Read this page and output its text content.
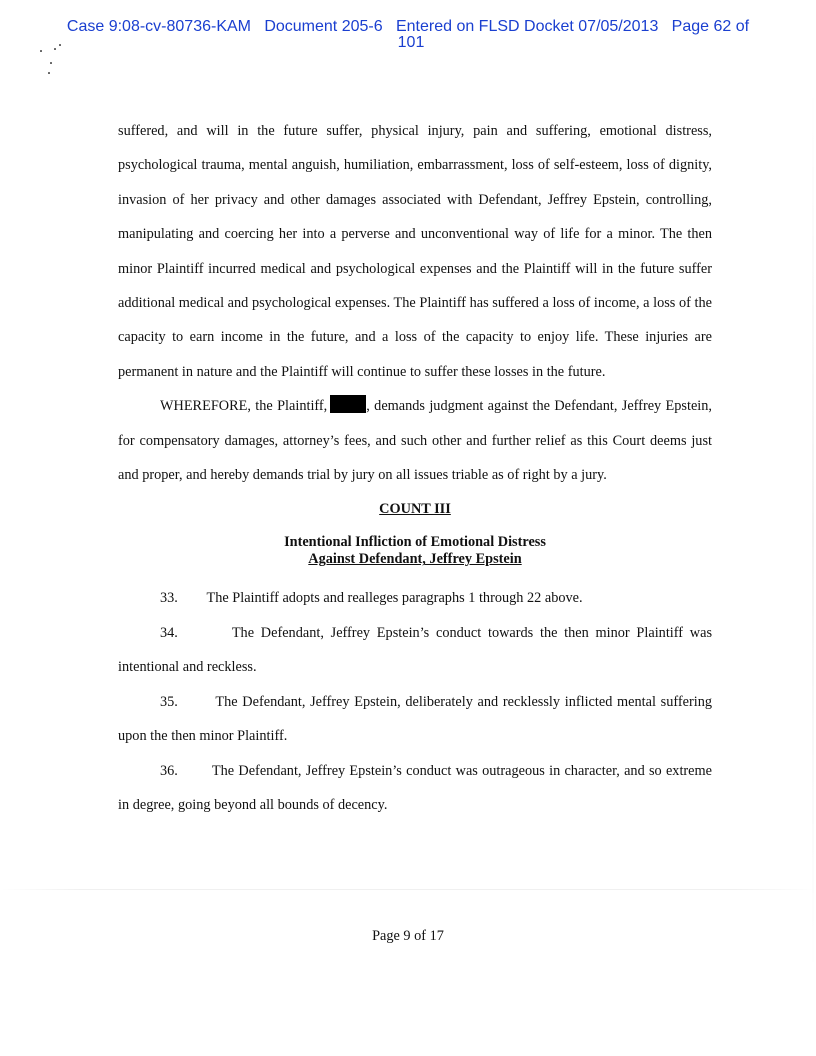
Case 9:08-cv-80736-KAM   Document 205-6   Entered on FLSD Docket 07/05/2013   Page 62 of
101

suffered, and will in the future suffer, physical injury, pain and suffering, emotional distress, psychological trauma, mental anguish, humiliation, embarrassment, loss of self-esteem, loss of dignity, invasion of her privacy and other damages associated with Defendant, Jeffrey Epstein, controlling, manipulating and coercing her into a perverse and unconventional way of life for a minor. The then minor Plaintiff incurred medical and psychological expenses and the Plaintiff will in the future suffer additional medical and psychological expenses. The Plaintiff has suffered a loss of income, a loss of the capacity to earn income in the future, and a loss of the capacity to enjoy life. These injuries are permanent in nature and the Plaintiff will continue to suffer these losses in the future.

WHEREFORE, the Plaintiff,	, demands judgment against the Defendant, Jeffrey Epstein, for compensatory damages, attorney’s fees, and such other and further relief as this Court deems just and proper, and hereby demands trial by jury on all issues triable as of right by a jury.

COUNT III

Intentional Infliction of Emotional Distress
Against Defendant, Jeffrey Epstein

33. The Plaintiff adopts and realleges paragraphs 1 through 22 above.

34.	The Defendant, Jeffrey Epstein’s conduct towards the then minor Plaintiff was intentional and reckless.

35.	The Defendant, Jeffrey Epstein, deliberately and recklessly inflicted mental suffering upon the then minor Plaintiff.

36. The Defendant, Jeffrey Epstein’s conduct was outrageous in character, and so extreme in degree, going beyond all bounds of decency.

Page 9 of 17
